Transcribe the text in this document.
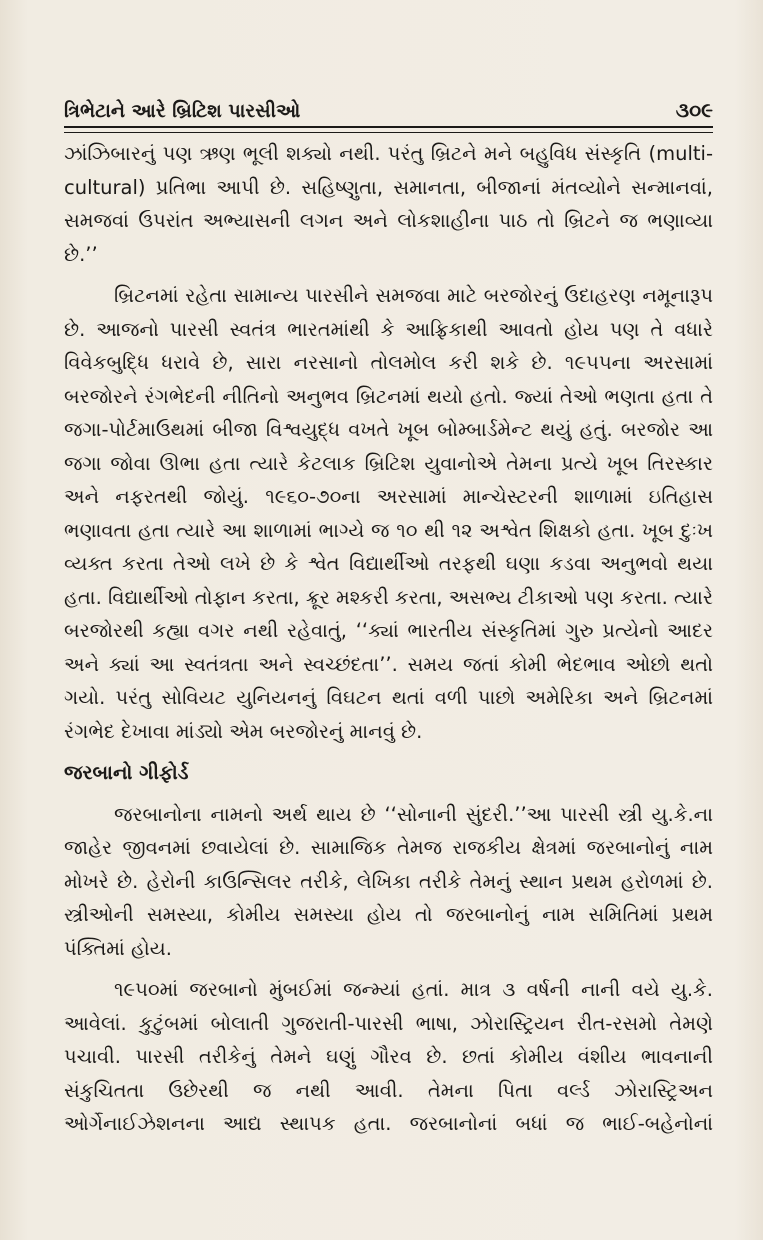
ત્રિભેટાને આરે બ્રિટિશ પારસીઓ	૩૦૯

ઝાંઝિબારનું પણ ઋણ ભૂલી શક્યો નથી. પરંતુ બ્રિટને મને બહુવિધ સંસ્કૃતિ (multi-cultural) પ્રતિભા આપી છે. સહિષ્ણુતા, સમાનતા, બીજાનાં મંતવ્યોને સન્માનવાં, સમજવાં ઉપરાંત અભ્યાસની લગન અને લોકશાહીના પાઠ તો બ્રિટને જ ભણાવ્યા છે.’’

બ્રિટનમાં રહેતા સામાન્ય પારસીને સમજવા માટે બરજોરનું ઉદાહરણ નમૂનારૂપ છે. આજનો પારસી સ્વતંત્ર ભારતમાંથી કે આફ્રિકાથી આવતો હોય પણ તે વધારે વિવેકબુદ્ધિ ધરાવે છે, સારા નરસાનો તોલમોલ કરી શકે છે. ૧૯૫૫ના અરસામાં બરજોરને રંગભેદની નીતિનો અનુભવ બ્રિટનમાં થયો હતો. જ્યાં તેઓ ભણતા હતા તે જગા-પોર્ટમાઉથમાં બીજા વિશ્વયુદ્ધ વખતે ખૂબ બોમ્બાર્ડમેન્ટ થયું હતું. બરજોર આ જગા જોવા ઊભા હતા ત્યારે કેટલાક બ્રિટિશ યુવાનોએ તેમના પ્રત્યે ખૂબ તિરસ્કાર અને નફરતથી જોયું. ૧૯૬૦-૭૦ના અરસામાં માન્ચેસ્ટરની શાળામાં ઇતિહાસ ભણાવતા હતા ત્યારે આ શાળામાં ભાગ્યે જ ૧૦ થી ૧૨ અશ્વેત શિક્ષકો હતા. ખૂબ દુઃખ વ્યક્ત કરતા તેઓ લખે છે કે શ્વેત વિદ્યાર્થીઓ તરફથી ઘણા કડવા અનુભવો થયા હતા. વિદ્યાર્થીઓ તોફાન કરતા, ક્રૂર મશ્કરી કરતા, અસભ્ય ટીકાઓ પણ કરતા. ત્યારે બરજોરથી કહ્યા વગર નથી રહેવાતું, ‘‘ક્યાં ભારતીય સંસ્કૃતિમાં ગુરુ પ્રત્યેનો આદર અને ક્યાં આ સ્વતંત્રતા અને સ્વચ્છંદતા’’. સમય જતાં કોમી ભેદભાવ ઓછો થતો ગયો. પરંતુ સોવિયટ યુનિયનનું વિઘટન થતાં વળી પાછો અમેરિકા અને બ્રિટનમાં રંગભેદ દેખાવા માંડ્યો એમ બરજોરનું માનવું છે.

જરબાનો ગીફોર્ડ

જરબાનોના નામનો અર્થ થાય છે ‘‘સોનાની સુંદરી.’’આ પારસી સ્ત્રી યુ.કે.ના જાહેર જીવનમાં છવાયેલાં છે. સામાજિક તેમજ રાજકીય ક્ષેત્રમાં જરબાનોનું નામ મોખરે છે. હેરોની કાઉન્સિલર તરીકે, લેખિકા તરીકે તેમનું સ્થાન પ્રથમ હરોળમાં છે. સ્ત્રીઓની સમસ્યા, કોમીય સમસ્યા હોય તો જરબાનોનું નામ સમિતિમાં પ્રથમ પંક્તિમાં હોય.

૧૯૫૦માં જરબાનો મુંબઈમાં જન્મ્યાં હતાં. માત્ર ૩ વર્ષની નાની વયે યુ.કે. આવેલાં. કુટુંબમાં બોલાતી ગુજરાતી-પારસી ભાષા, ઝોરાસ્ટ્રિયન રીત-રસમો તેમણે પચાવી. પારસી તરીકેનું તેમને ઘણું ગૌરવ છે. છતાં કોમીય વંશીય ભાવનાની સંકુચિતતા ઉછેરથી જ નથી આવી. તેમના પિતા વર્લ્ડ ઝોરાસ્ટ્રિઅન ઓર્ગેનાઈઝેશનના આદ્ય સ્થાપક હતા. જરબાનોનાં બધાં જ ભાઈ-બહેનોનાં
